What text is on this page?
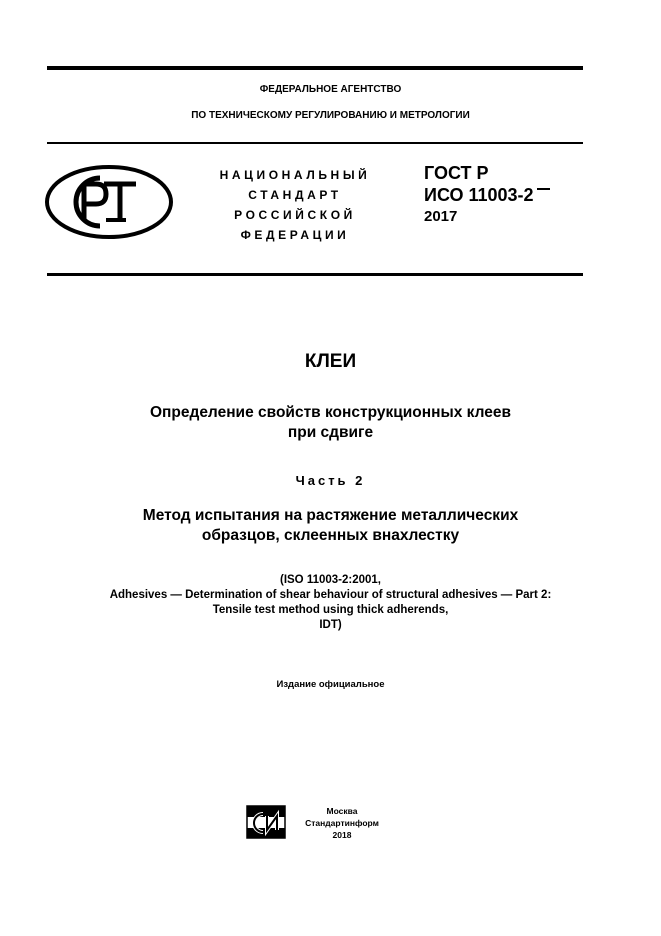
ФЕДЕРАЛЬНОЕ АГЕНТСТВО
ПО ТЕХНИЧЕСКОМУ РЕГУЛИРОВАНИЮ И МЕТРОЛОГИИ
НАЦИОНАЛЬНЫЙ
СТАНДАРТ
РОССИЙСКОЙ
ФЕДЕРАЦИИ
ГОСТ Р
ИСО 11003-2
2017
КЛЕИ
Определение свойств конструкционных клеев
при сдвиге
Часть 2
Метод испытания на растяжение металлических
образцов, склеенных внахлестку
(ISO 11003-2:2001,
Adhesives — Determination of shear behaviour of structural adhesives — Part 2:
Tensile test method using thick adherends,
IDT)
Издание официальное
Москва
Стандартинформ
2018
